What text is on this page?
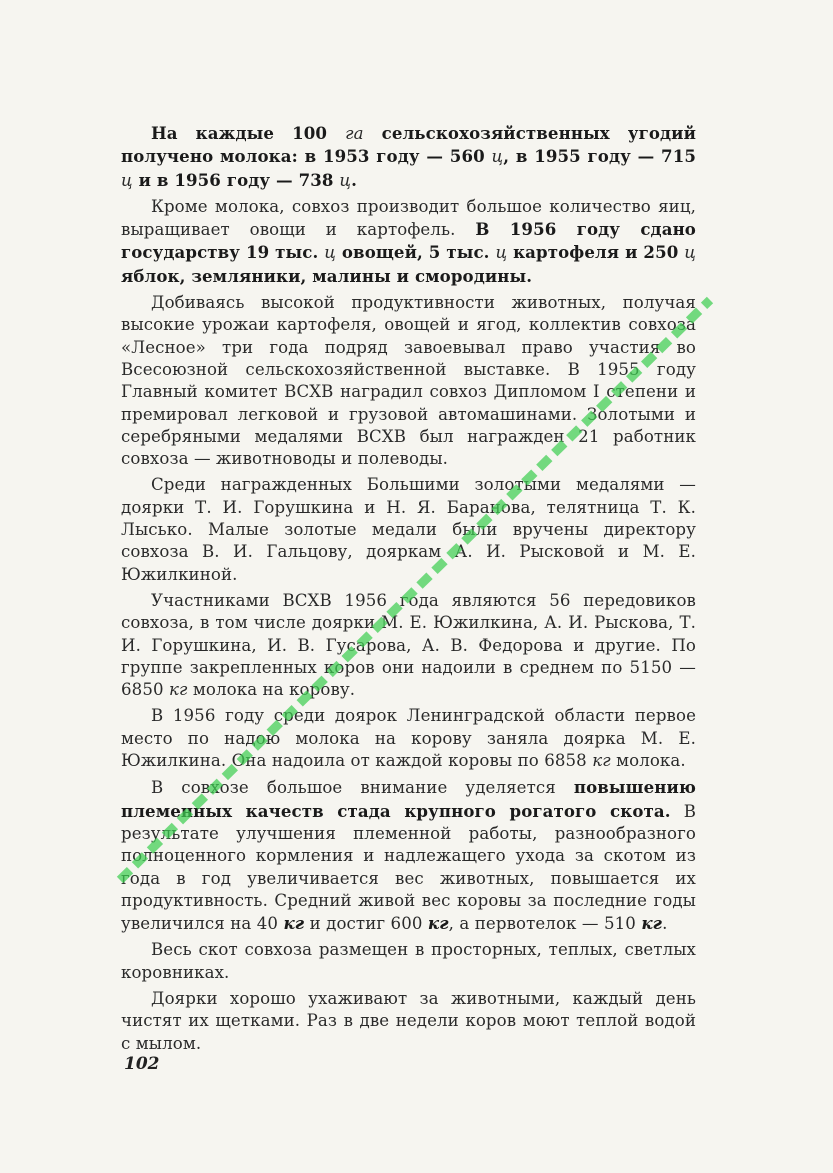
На каждые 100 га сельскохозяйственных угодий получено молока: в 1953 году — 560 ц, в 1955 году — 715 ц и в 1956 году — 738 ц.

Кроме молока, совхоз производит большое количество яиц, выращивает овощи и картофель. В 1956 году сдано государству 19 тыс. ц овощей, 5 тыс. ц картофеля и 250 ц яблок, земляники, малины и смородины.

Добиваясь высокой продуктивности животных, получая высокие урожаи картофеля, овощей и ягод, коллектив совхоза «Лесное» три года подряд завоевывал право участия во Всесоюзной сельскохозяйственной выставке. В 1955 году Главный комитет ВСХВ наградил совхоз Дипломом I степени и премировал легковой и грузовой автомашинами. Золотыми и серебряными медалями ВСХВ был награжден 21 работник совхоза — животноводы и полеводы.

Среди награжденных Большими золотыми медалями — доярки Т. И. Горушкина и Н. Я. Баранова, телятница Т. К. Лысько. Малые золотые медали были вручены директору совхоза В. И. Гальцову, дояркам А. И. Рысковой и М. Е. Южилкиной.

Участниками ВСХВ 1956 года являются 56 передовиков совхоза, в том числе доярки М. Е. Южилкина, А. И. Рыскова, Т. И. Горушкина, И. В. Гусарова, А. В. Федорова и другие. По группе закрепленных коров они надоили в среднем по 5150 — 6850 кг молока на корову.

В 1956 году среди доярок Ленинградской области первое место по надою молока на корову заняла доярка М. Е. Южилкина. Она надоила от каждой коровы по 6858 кг молока.

В совхозе большое внимание уделяется повышению племенных качеств стада крупного рогатого скота. В результате улучшения племенной работы, разнообразного полноценного кормления и надлежащего ухода за скотом из года в год увеличивается вес животных, повышается их продуктивность. Средний живой вес коровы за последние годы увеличился на 40 кг и достиг 600 кг, а первотелок — 510 кг.

Весь скот совхоза размещен в просторных, теплых, светлых коровниках.

Доярки хорошо ухаживают за животными, каждый день чистят их щетками. Раз в две недели коров моют теплой водой с мылом.

102
